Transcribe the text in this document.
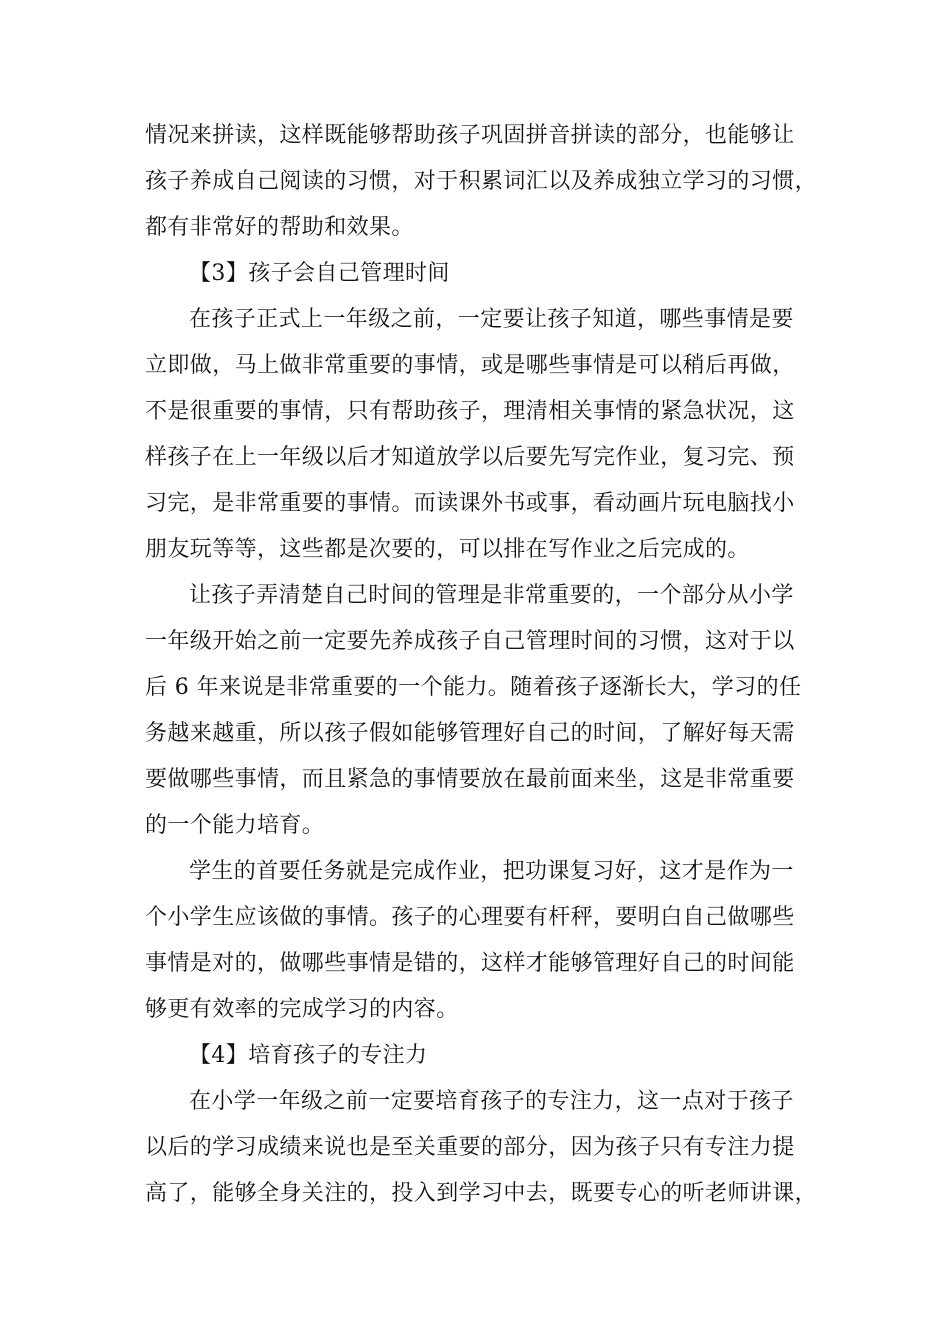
情况来拼读，这样既能够帮助孩子巩固拼音拼读的部分，也能够让
孩子养成自己阅读的习惯，对于积累词汇以及养成独立学习的习惯，
都有非常好的帮助和效果。
【3】孩子会自己管理时间
在孩子正式上一年级之前，一定要让孩子知道，哪些事情是要
立即做，马上做非常重要的事情，或是哪些事情是可以稍后再做，
不是很重要的事情，只有帮助孩子，理清相关事情的紧急状况，这
样孩子在上一年级以后才知道放学以后要先写完作业，复习完、预
习完，是非常重要的事情。而读课外书或事，看动画片玩电脑找小
朋友玩等等，这些都是次要的，可以排在写作业之后完成的。
让孩子弄清楚自己时间的管理是非常重要的，一个部分从小学
一年级开始之前一定要先养成孩子自己管理时间的习惯，这对于以
后 6 年来说是非常重要的一个能力。随着孩子逐渐长大，学习的任
务越来越重，所以孩子假如能够管理好自己的时间，了解好每天需
要做哪些事情，而且紧急的事情要放在最前面来坐，这是非常重要
的一个能力培育。
学生的首要任务就是完成作业，把功课复习好，这才是作为一
个小学生应该做的事情。孩子的心理要有杆秤，要明白自己做哪些
事情是对的，做哪些事情是错的，这样才能够管理好自己的时间能
够更有效率的完成学习的内容。
【4】培育孩子的专注力
在小学一年级之前一定要培育孩子的专注力，这一点对于孩子
以后的学习成绩来说也是至关重要的部分，因为孩子只有专注力提
高了，能够全身关注的，投入到学习中去，既要专心的听老师讲课，
